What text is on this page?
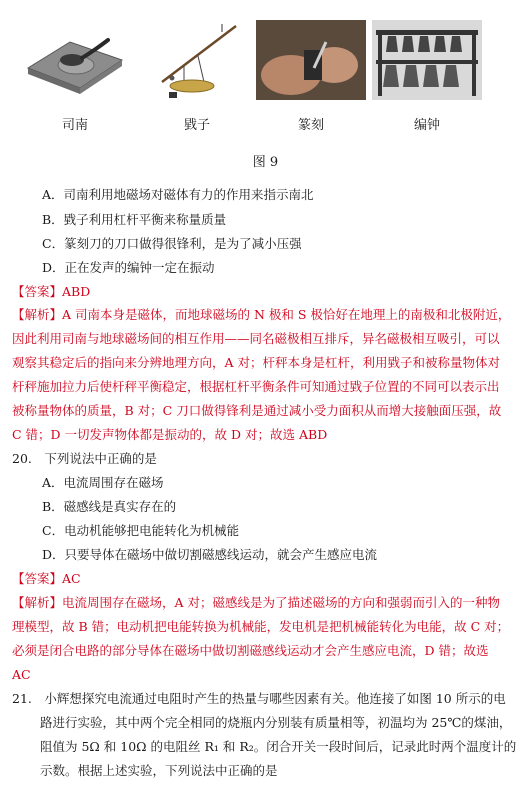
司南	戥子	篆刻	编钟
图 9
A．司南利用地磁场对磁体有力的作用来指示南北
B．戥子利用杠杆平衡来称量质量
C．篆刻刀的刀口做得很锋利，是为了减小压强
D．正在发声的编钟一定在振动
【答案】ABD
【解析】A 司南本身是磁体，而地球磁场的 N 极和 S 极恰好在地理上的南极和北极附近，
因此利用司南与地球磁场间的相互作用——同名磁极相互排斥，异名磁极相互吸引，可以
观察其稳定后的指向来分辨地理方向，A 对；杆秤本身是杠杆，利用戥子和被称量物体对
杆秤施加拉力后使杆秤平衡稳定，根据杠杆平衡条件可知通过戥子位置的不同可以表示出
被称量物体的质量，B 对；C 刀口做得锋利是通过减小受力面积从而增大接触面压强，故
C 错；D 一切发声物体都是振动的，故 D 对；故选 ABD
20.　下列说法中正确的是
A．电流周围存在磁场
B．磁感线是真实存在的
C．电动机能够把电能转化为机械能
D．只要导体在磁场中做切割磁感线运动，就会产生感应电流
【答案】AC
【解析】电流周围存在磁场，A 对；磁感线是为了描述磁场的方向和强弱而引入的一种物
理模型，故 B 错；电动机把电能转换为机械能，发电机是把机械能转化为电能，故 C 对；
必须是闭合电路的部分导体在磁场中做切割磁感线运动才会产生感应电流，D 错；故选
AC
21.　小辉想探究电流通过电阻时产生的热量与哪些因素有关。他连接了如图 10 所示的电
路进行实验，其中两个完全相同的烧瓶内分别装有质量相等，初温均为 25℃的煤油，
阻值为 5Ω 和 10Ω 的电阻丝 R₁ 和 R₂。闭合开关一段时间后，记录此时两个温度计的
示数。根据上述实验，下列说法中正确的是
